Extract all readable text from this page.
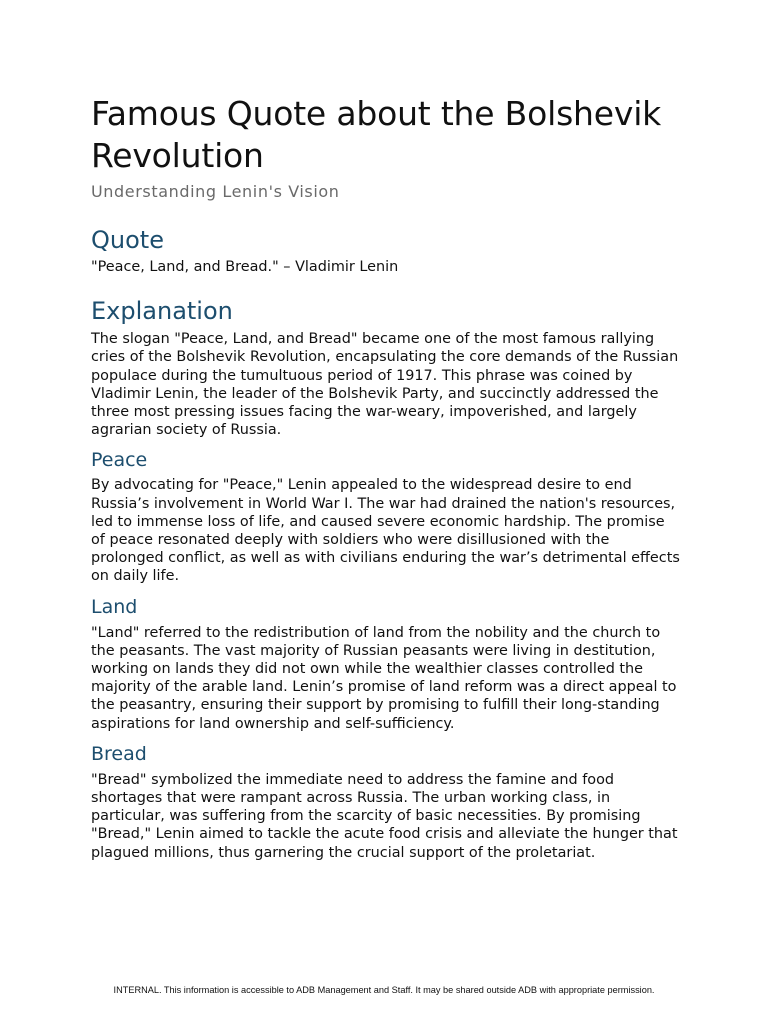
Famous Quote about the Bolshevik Revolution
Understanding Lenin's Vision
Quote

"Peace, Land, and Bread." – Vladimir Lenin

Explanation

The slogan "Peace, Land, and Bread" became one of the most famous rallying cries of the Bolshevik Revolution, encapsulating the core demands of the Russian populace during the tumultuous period of 1917. This phrase was coined by Vladimir Lenin, the leader of the Bolshevik Party, and succinctly addressed the three most pressing issues facing the war-weary, impoverished, and largely agrarian society of Russia.

Peace

By advocating for "Peace," Lenin appealed to the widespread desire to end Russia’s involvement in World War I. The war had drained the nation's resources, led to immense loss of life, and caused severe economic hardship. The promise of peace resonated deeply with soldiers who were disillusioned with the prolonged conflict, as well as with civilians enduring the war’s detrimental effects on daily life.

Land

"Land" referred to the redistribution of land from the nobility and the church to the peasants. The vast majority of Russian peasants were living in destitution, working on lands they did not own while the wealthier classes controlled the majority of the arable land. Lenin’s promise of land reform was a direct appeal to the peasantry, ensuring their support by promising to fulfill their long-standing aspirations for land ownership and self-sufficiency.

Bread

"Bread" symbolized the immediate need to address the famine and food shortages that were rampant across Russia. The urban working class, in particular, was suffering from the scarcity of basic necessities. By promising "Bread," Lenin aimed to tackle the acute food crisis and alleviate the hunger that plagued millions, thus garnering the crucial support of the proletariat.

INTERNAL. This information is accessible to ADB Management and Staff. It may be shared outside ADB with appropriate permission.
